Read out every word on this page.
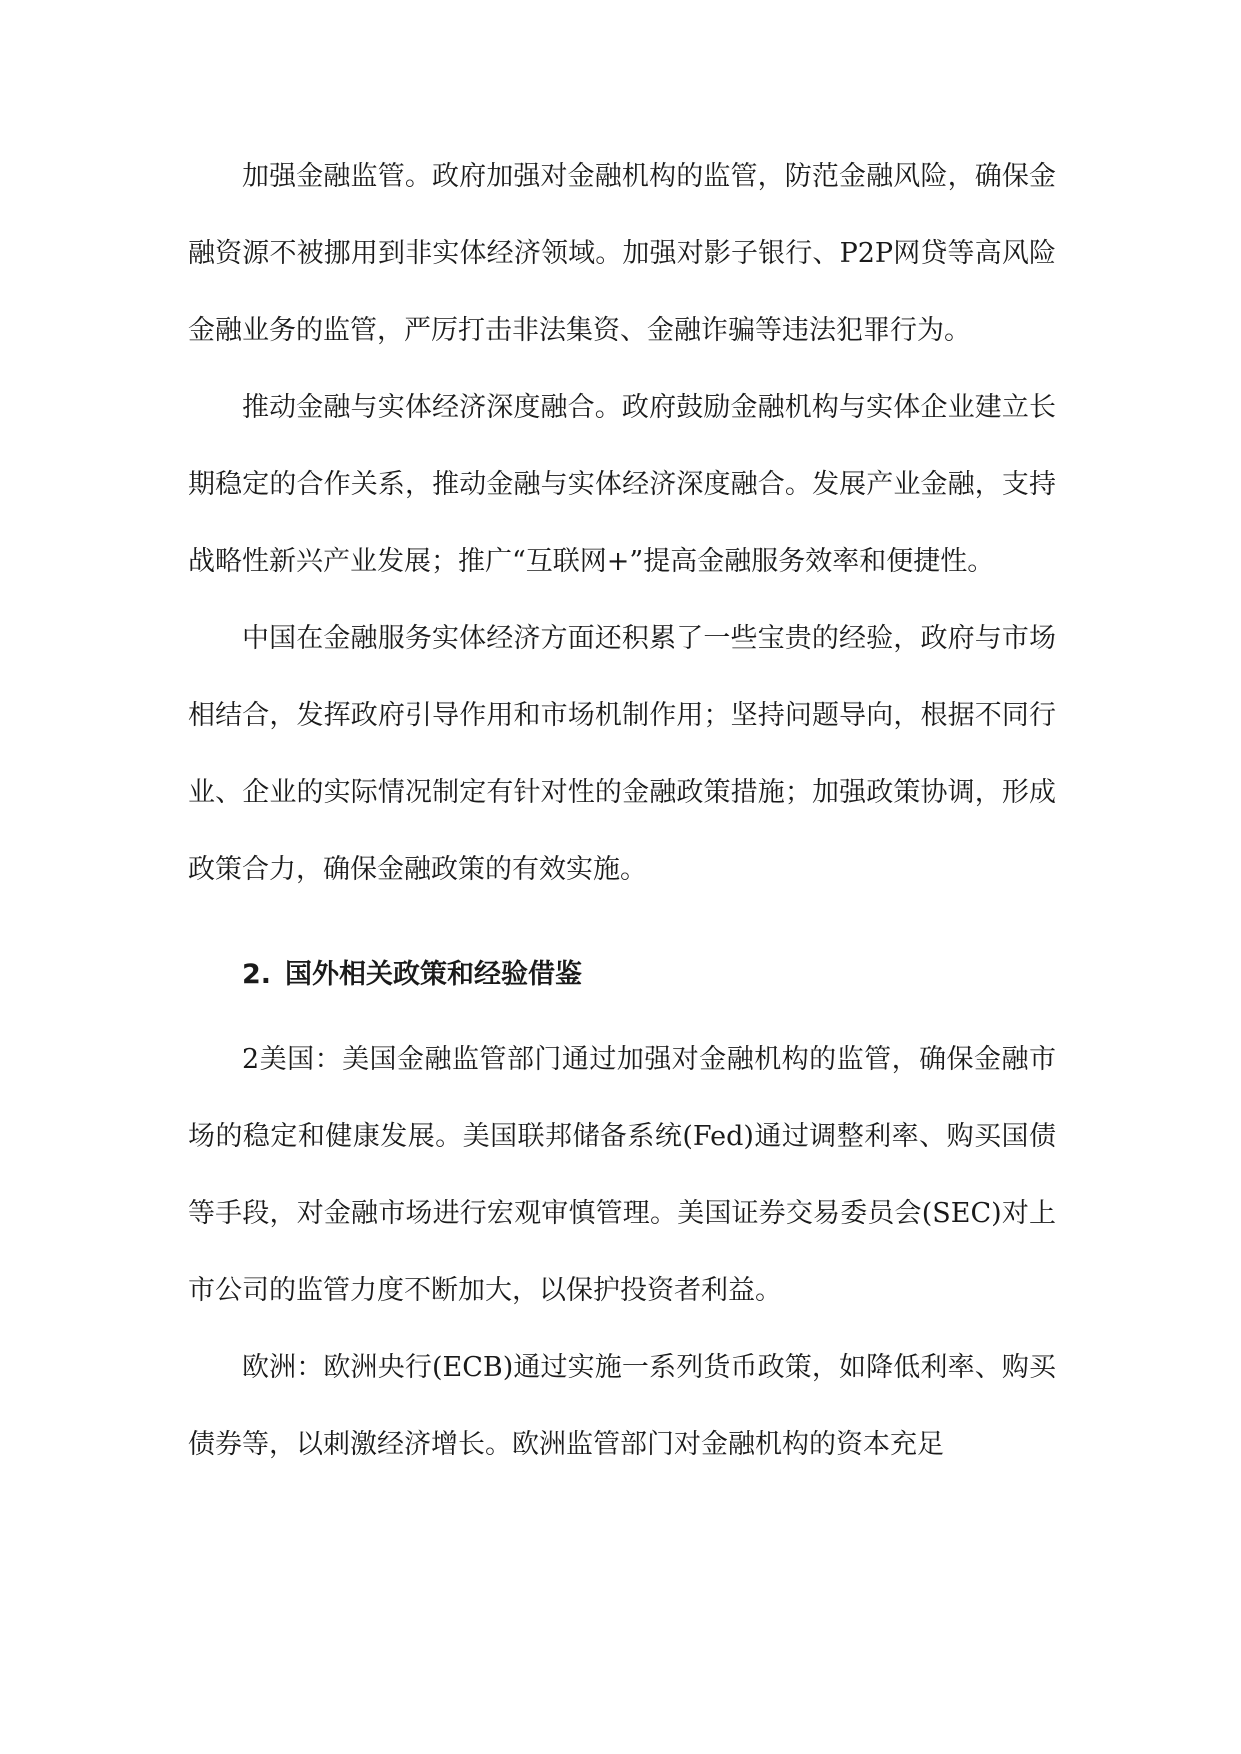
加强金融监管。政府加强对金融机构的监管，防范金融风险，确保金融资源不被挪用到非实体经济领域。加强对影子银行、P2P网贷等高风险金融业务的监管，严厉打击非法集资、金融诈骗等违法犯罪行为。

推动金融与实体经济深度融合。政府鼓励金融机构与实体企业建立长期稳定的合作关系，推动金融与实体经济深度融合。发展产业金融，支持战略性新兴产业发展；推广“互联网+”提高金融服务效率和便捷性。

中国在金融服务实体经济方面还积累了一些宝贵的经验，政府与市场相结合，发挥政府引导作用和市场机制作用；坚持问题导向，根据不同行业、企业的实际情况制定有针对性的金融政策措施；加强政策协调，形成政策合力，确保金融政策的有效实施。

2. 国外相关政策和经验借鉴

2美国：美国金融监管部门通过加强对金融机构的监管，确保金融市场的稳定和健康发展。美国联邦储备系统(Fed)通过调整利率、购买国债等手段，对金融市场进行宏观审慎管理。美国证券交易委员会(SEC)对上市公司的监管力度不断加大，以保护投资者利益。

欧洲：欧洲央行(ECB)通过实施一系列货币政策，如降低利率、购买债券等，以刺激经济增长。欧洲监管部门对金融机构的资本充足
